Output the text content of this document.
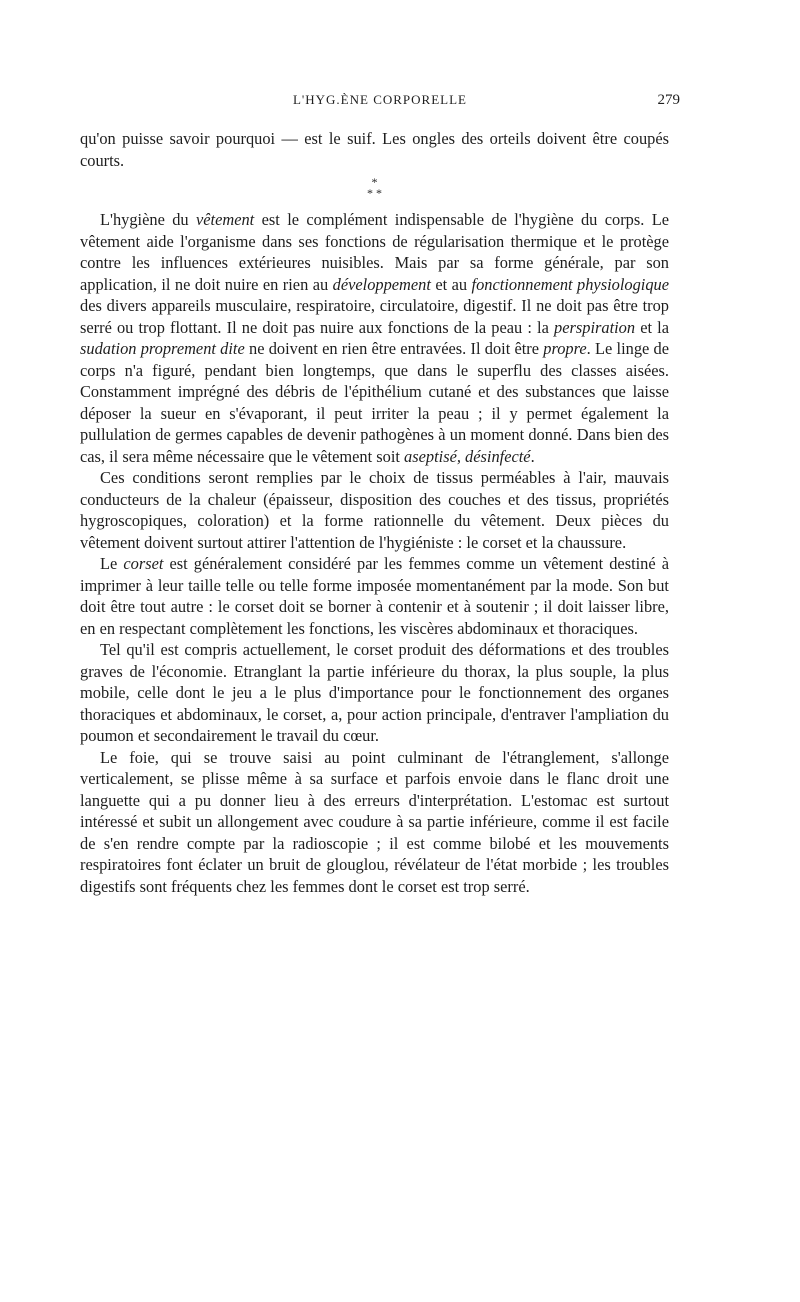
L'HYG.ÈNE CORPORELLE	279

qu'on puisse savoir pourquoi — est le suif. Les ongles des orteils doivent être coupés courts.

*
* *

L'hygiène du vêtement est le complément indispensable de l'hygiène du corps. Le vêtement aide l'organisme dans ses fonctions de régularisation thermique et le protège contre les influences extérieures nuisibles. Mais par sa forme générale, par son application, il ne doit nuire en rien au développement et au fonctionnement physiologique des divers appareils musculaire, respiratoire, circulatoire, digestif. Il ne doit pas être trop serré ou trop flottant. Il ne doit pas nuire aux fonctions de la peau : la perspiration et la sudation proprement dite ne doivent en rien être entravées. Il doit être propre. Le linge de corps n'a figuré, pendant bien longtemps, que dans le superflu des classes aisées. Constamment imprégné des débris de l'épithélium cutané et des substances que laisse déposer la sueur en s'évaporant, il peut irriter la peau ; il y permet également la pullulation de germes capables de devenir pathogènes à un moment donné. Dans bien des cas, il sera même nécessaire que le vêtement soit aseptisé, désinfecté.

Ces conditions seront remplies par le choix de tissus perméables à l'air, mauvais conducteurs de la chaleur (épaisseur, disposition des couches et des tissus, propriétés hygroscopiques, coloration) et la forme rationnelle du vêtement. Deux pièces du vêtement doivent surtout attirer l'attention de l'hygiéniste : le corset et la chaussure.

Le corset est généralement considéré par les femmes comme un vêtement destiné à imprimer à leur taille telle ou telle forme imposée momentanément par la mode. Son but doit être tout autre : le corset doit se borner à contenir et à soutenir ; il doit laisser libre, en en respectant complètement les fonctions, les viscères abdominaux et thoraciques.

Tel qu'il est compris actuellement, le corset produit des déformations et des troubles graves de l'économie. Etranglant la partie inférieure du thorax, la plus souple, la plus mobile, celle dont le jeu a le plus d'importance pour le fonctionnement des organes thoraciques et abdominaux, le corset, a, pour action principale, d'entraver l'ampliation du poumon et secondairement le travail du cœur.

Le foie, qui se trouve saisi au point culminant de l'étranglement, s'allonge verticalement, se plisse même à sa surface et parfois envoie dans le flanc droit une languette qui a pu donner lieu à des erreurs d'interprétation. L'estomac est surtout intéressé et subit un allongement avec coudure à sa partie inférieure, comme il est facile de s'en rendre compte par la radioscopie ; il est comme bilobé et les mouvements respiratoires font éclater un bruit de glouglou, révélateur de l'état morbide ; les troubles digestifs sont fréquents chez les femmes dont le corset est trop serré.
